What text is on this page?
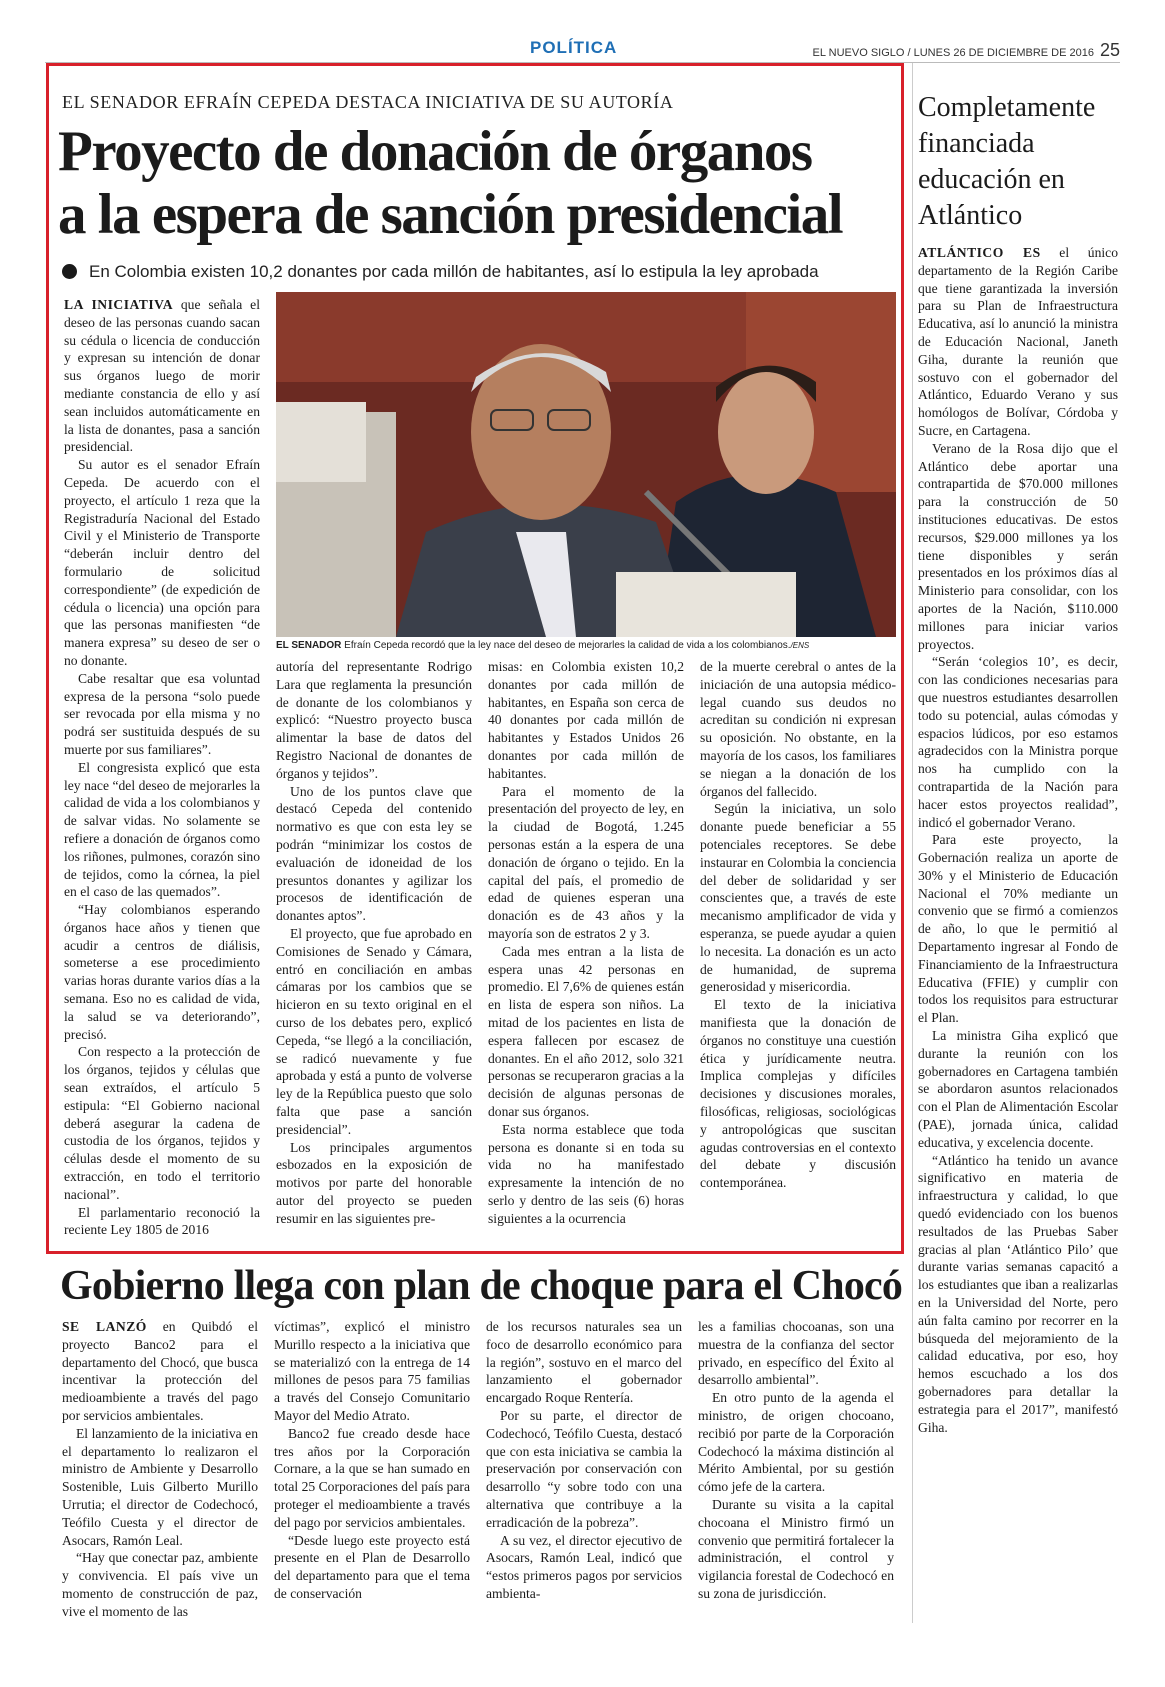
POLÍTICA	EL NUEVO SIGLO / LUNES 26 DE DICIEMBRE DE 2016 25
EL SENADOR EFRAÍN CEPEDA DESTACA INICIATIVA DE SU AUTORÍA
Proyecto de donación de órganos
a la espera de sanción presidencial
En Colombia existen 10,2 donantes por cada millón de habitantes, así lo estipula la ley aprobada

LA INICIATIVA que señala el deseo de las personas cuando sacan su cédula o licencia de conducción y expresan su intención de donar sus órganos luego de morir mediante constancia de ello y así sean incluidos automáticamente en la lista de donantes, pasa a sanción presidencial.

Su autor es el senador Efraín Cepeda. De acuerdo con el proyecto, el artículo 1 reza que la Registraduría Nacional del Estado Civil y el Ministerio de Transporte “deberán incluir dentro del formulario de solicitud correspondiente” (de expedición de cédula o licencia) una opción para que las personas manifiesten “de manera expresa” su deseo de ser o no donante.

Cabe resaltar que esa voluntad expresa de la persona “solo puede ser revocada por ella misma y no podrá ser sustituida después de su muerte por sus familiares”.

El congresista explicó que esta ley nace “del deseo de mejorarles la calidad de vida a los colombianos y de salvar vidas. No solamente se refiere a donación de órganos como los riñones, pulmones, corazón sino de tejidos, como la córnea, la piel en el caso de las quemados”.

“Hay colombianos esperando órganos hace años y tienen que acudir a centros de diálisis, someterse a ese procedimiento varias horas durante varios días a la semana. Eso no es calidad de vida, la salud se va deteriorando”, precisó.

Con respecto a la protección de los órganos, tejidos y células que sean extraídos, el artículo 5 estipula: “El Gobierno nacional deberá asegurar la cadena de custodia de los órganos, tejidos y células desde el momento de su extracción, en todo el territorio nacional”.

El parlamentario reconoció la reciente Ley 1805 de 2016

EL SENADOR Efraín Cepeda recordó que la ley nace del deseo de mejorarles la calidad de vida a los colombianos./ENS

autoría del representante Rodrigo Lara que reglamenta la presunción de donante de los colombianos y explicó: “Nuestro proyecto busca alimentar la base de datos del Registro Nacional de donantes de órganos y tejidos”.

Uno de los puntos clave que destacó Cepeda del contenido normativo es que con esta ley se podrán “minimizar los costos de evaluación de idoneidad de los presuntos donantes y agilizar los procesos de identificación de donantes aptos”.

El proyecto, que fue aprobado en Comisiones de Senado y Cámara, entró en conciliación en ambas cámaras por los cambios que se hicieron en su texto original en el curso de los debates pero, explicó Cepeda, “se llegó a la conciliación, se radicó nuevamente y fue aprobada y está a punto de volverse ley de la República puesto que solo falta que pase a sanción presidencial”.

Los principales argumentos esbozados en la exposición de motivos por parte del honorable autor del proyecto se pueden resumir en las siguientes pre-

misas: en Colombia existen 10,2 donantes por cada millón de habitantes, en España son cerca de 40 donantes por cada millón de habitantes y Estados Unidos 26 donantes por cada millón de habitantes.

Para el momento de la presentación del proyecto de ley, en la ciudad de Bogotá, 1.245 personas están a la espera de una donación de órgano o tejido. En la capital del país, el promedio de edad de quienes esperan una donación es de 43 años y la mayoría son de estratos 2 y 3.

Cada mes entran a la lista de espera unas 42 personas en promedio. El 7,6% de quienes están en lista de espera son niños. La mitad de los pacientes en lista de espera fallecen por escasez de donantes. En el año 2012, solo 321 personas se recuperaron gracias a la decisión de algunas personas de donar sus órganos.

Esta norma establece que toda persona es donante si en toda su vida no ha manifestado expresamente la intención de no serlo y dentro de las seis (6) horas siguientes a la ocurrencia

de la muerte cerebral o antes de la iniciación de una autopsia médico-legal cuando sus deudos no acreditan su condición ni expresan su oposición. No obstante, en la mayoría de los casos, los familiares se niegan a la donación de los órganos del fallecido.

Según la iniciativa, un solo donante puede beneficiar a 55 potenciales receptores. Se debe instaurar en Colombia la conciencia del deber de solidaridad y ser conscientes que, a través de este mecanismo amplificador de vida y esperanza, se puede ayudar a quien lo necesita. La donación es un acto de humanidad, de suprema generosidad y misericordia.

El texto de la iniciativa manifiesta que la donación de órganos no constituye una cuestión ética y jurídicamente neutra. Implica complejas y difíciles decisiones y discusiones morales, filosóficas, religiosas, sociológicas y antropológicas que suscitan agudas controversias en el contexto del debate y discusión contemporánea.

Gobierno llega con plan de choque para el Chocó

SE LANZÓ en Quibdó el proyecto Banco2 para el departamento del Chocó, que busca incentivar la protección del medioambiente a través del pago por servicios ambientales.

El lanzamiento de la iniciativa en el departamento lo realizaron el ministro de Ambiente y Desarrollo Sostenible, Luis Gilberto Murillo Urrutia; el director de Codechocó, Teófilo Cuesta y el director de Asocars, Ramón Leal.

“Hay que conectar paz, ambiente y convivencia. El país vive un momento de construcción de paz, vive el momento de las

víctimas”, explicó el ministro Murillo respecto a la iniciativa que se materializó con la entrega de 14 millones de pesos para 75 familias a través del Consejo Comunitario Mayor del Medio Atrato.

Banco2 fue creado desde hace tres años por la Corporación Cornare, a la que se han sumado en total 25 Corporaciones del país para proteger el medioambiente a través del pago por servicios ambientales.

“Desde luego este proyecto está presente en el Plan de Desarrollo del departamento para que el tema de conservación

de los recursos naturales sea un foco de desarrollo económico para la región”, sostuvo en el marco del lanzamiento el gobernador encargado Roque Rentería.

Por su parte, el director de Codechocó, Teófilo Cuesta, destacó que con esta iniciativa se cambia la preservación por conservación con desarrollo “y sobre todo con una alternativa que contribuye a la erradicación de la pobreza”.

A su vez, el director ejecutivo de Asocars, Ramón Leal, indicó que “estos primeros pagos por servicios ambienta-

les a familias chocoanas, son una muestra de la confianza del sector privado, en específico del Éxito al desarrollo ambiental”.

En otro punto de la agenda el ministro, de origen chocoano, recibió por parte de la Corporación Codechocó la máxima distinción al Mérito Ambiental, por su gestión cómo jefe de la cartera.

Durante su visita a la capital chocoana el Ministro firmó un convenio que permitirá fortalecer la administración, el control y vigilancia forestal de Codechocó en su zona de jurisdicción.

Completamente financiada educación en Atlántico

ATLÁNTICO ES el único departamento de la Región Caribe que tiene garantizada la inversión para su Plan de Infraestructura Educativa, así lo anunció la ministra de Educación Nacional, Janeth Giha, durante la reunión que sostuvo con el gobernador del Atlántico, Eduardo Verano y sus homólogos de Bolívar, Córdoba y Sucre, en Cartagena.

Verano de la Rosa dijo que el Atlántico debe aportar una contrapartida de $70.000 millones para la construcción de 50 instituciones educativas. De estos recursos, $29.000 millones ya los tiene disponibles y serán presentados en los próximos días al Ministerio para consolidar, con los aportes de la Nación, $110.000 millones para iniciar varios proyectos.

“Serán ‘colegios 10’, es decir, con las condiciones necesarias para que nuestros estudiantes desarrollen todo su potencial, aulas cómodas y espacios lúdicos, por eso estamos agradecidos con la Ministra porque nos ha cumplido con la contrapartida de la Nación para hacer estos proyectos realidad”, indicó el gobernador Verano.

Para este proyecto, la Gobernación realiza un aporte de 30% y el Ministerio de Educación Nacional el 70% mediante un convenio que se firmó a comienzos de año, lo que le permitió al Departamento ingresar al Fondo de Financiamiento de la Infraestructura Educativa (FFIE) y cumplir con todos los requisitos para estructurar el Plan.

La ministra Giha explicó que durante la reunión con los gobernadores en Cartagena también se abordaron asuntos relacionados con el Plan de Alimentación Escolar (PAE), jornada única, calidad educativa, y excelencia docente.

“Atlántico ha tenido un avance significativo en materia de infraestructura y calidad, lo que quedó evidenciado con los buenos resultados de las Pruebas Saber gracias al plan ‘Atlántico Pilo’ que durante varias semanas capacitó a los estudiantes que iban a realizarlas en la Universidad del Norte, pero aún falta camino por recorrer en la búsqueda del mejoramiento de la calidad educativa, por eso, hoy hemos escuchado a los dos gobernadores para detallar la estrategia para el 2017”, manifestó Giha.
